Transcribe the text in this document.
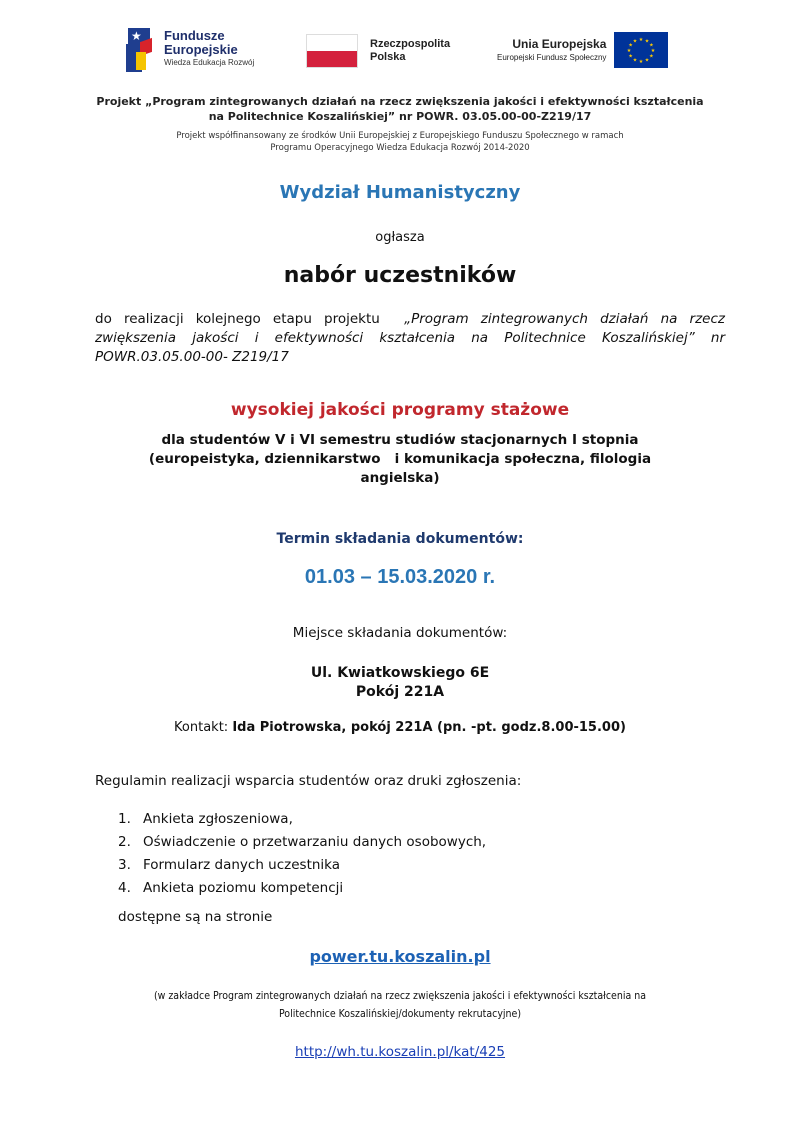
★ Fundusze
Europejskie
Wiedza Edukacja Rozwój
Rzeczpospolita
Polska
Unia Europejska
Europejski Fundusz Społeczny
★ ★
★
★
★
★
★
★
★
★
★
★
Projekt „Program zintegrowanych działań na rzecz zwiększenia jakości i efektywności kształcenia
na Politechnice Koszalińskiej” nr POWR. 03.05.00-00-Z219/17
Projekt współfinansowany ze środków Unii Europejskiej z Europejskiego Funduszu Społecznego w ramach
Programu Operacyjnego Wiedza Edukacja Rozwój 2014-2020
Wydział Humanistyczny
ogłasza
nabór uczestników
do realizacji kolejnego etapu projektu „Program zintegrowanych działań na rzecz zwiększenia jakości i efektywności kształcenia na Politechnice Koszalińskiej” nr POWR.03.05.00-00- Z219/17
wysokiej jakości programy stażowe
dla studentów V i VI semestru studiów stacjonarnych I stopnia
(europeistyka, dziennikarstwo   i komunikacja społeczna, filologia
angielska)
Termin składania dokumentów:
01.03 – 15.03.2020 r.
Miejsce składania dokumentów:
Ul. Kwiatkowskiego 6E
Pokój 221A
Kontakt: Ida Piotrowska, pokój 221A (pn. -pt. godz.8.00-15.00)
Regulamin realizacji wsparcia studentów oraz druki zgłoszenia:
1. Ankieta zgłoszeniowa,
2. Oświadczenie o przetwarzaniu danych osobowych,
3. Formularz danych uczestnika
4. Ankieta poziomu kompetencji
dostępne są na stronie
power.tu.koszalin.pl
(w zakładce Program zintegrowanych działań na rzecz zwiększenia jakości i efektywności kształcenia na
Politechnice Koszalińskiej/dokumenty rekrutacyjne)
http://wh.tu.koszalin.pl/kat/425
